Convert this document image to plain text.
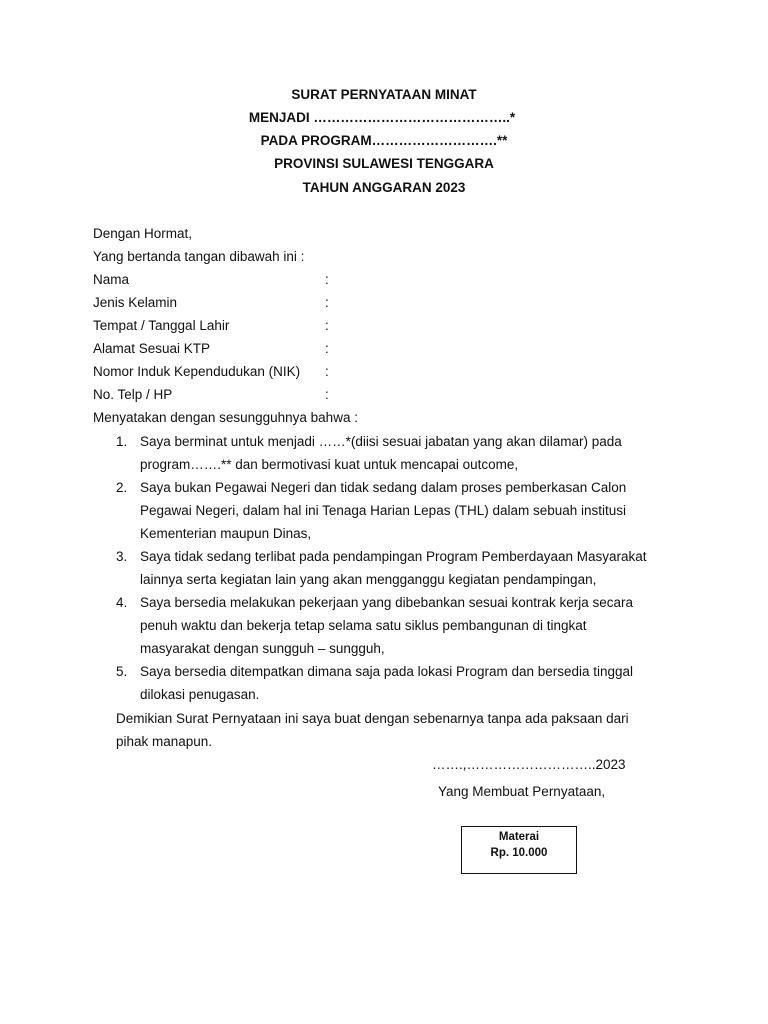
SURAT PERNYATAAN MINAT
MENJADI ……………………………………..*
PADA PROGRAM……………………….**
PROVINSI SULAWESI TENGGARA
TAHUN ANGGARAN 2023
Dengan Hormat,
Yang bertanda tangan dibawah ini :
Nama	:
Jenis Kelamin	:
Tempat / Tanggal Lahir	:
Alamat Sesuai KTP	:
Nomor Induk Kependudukan (NIK) :
No. Telp / HP	:
Menyatakan dengan sesungguhnya bahwa :
1. Saya berminat untuk menjadi ……*(diisi sesuai jabatan yang akan dilamar) pada
program…….** dan bermotivasi kuat untuk mencapai outcome,
2. Saya bukan Pegawai Negeri dan tidak sedang dalam proses pemberkasan Calon
Pegawai Negeri, dalam hal ini Tenaga Harian Lepas (THL) dalam sebuah institusi
Kementerian maupun Dinas,
3. Saya tidak sedang terlibat pada pendampingan Program Pemberdayaan Masyarakat
lainnya serta kegiatan lain yang akan mengganggu kegiatan pendampingan,
4. Saya bersedia melakukan pekerjaan yang dibebankan sesuai kontrak kerja secara
penuh waktu dan bekerja tetap selama satu siklus pembangunan di tingkat
masyarakat dengan sungguh – sungguh,
5. Saya bersedia ditempatkan dimana saja pada lokasi Program dan bersedia tinggal
dilokasi penugasan.
Demikian Surat Pernyataan ini saya buat dengan sebenarnya tanpa ada paksaan dari
pihak manapun.
…….,………………………..2023
Yang Membuat Pernyataan,
Materai
Rp. 10.000
